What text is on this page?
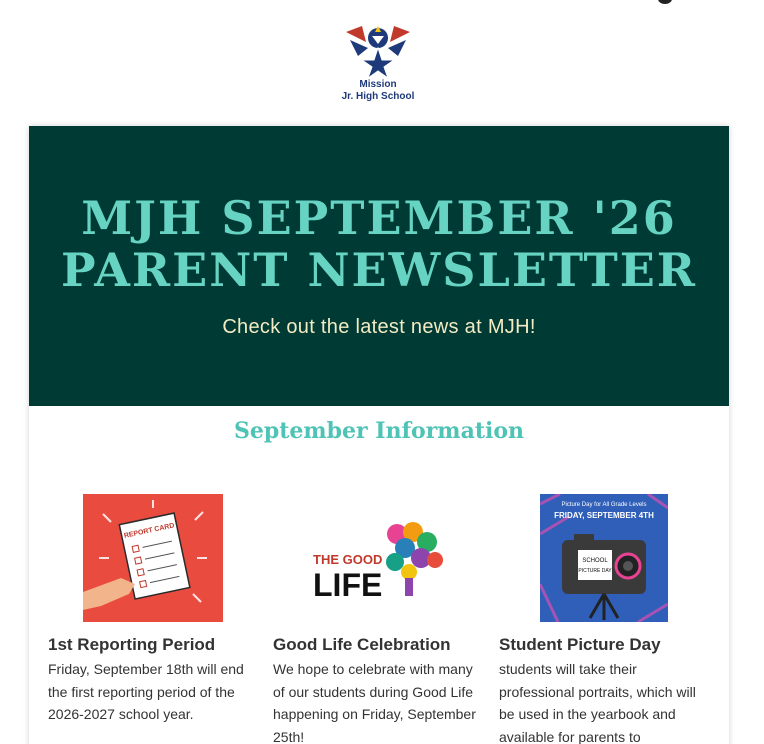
Mission
Jr. High School
MJH SEPTEMBER '26
PARENT NEWSLETTER
Check out the latest news at MJH!
September Information
REPORT CARD
1st Reporting Period
Friday, September 18th will end the first reporting period of the 2026-2027 school year.
THE GOOD
LIFE
Good Life Celebration
We hope to celebrate with many of our students during Good Life happening on Friday, September 25th!
Picture Day for All Grade Levels
FRIDAY, SEPTEMBER 4TH
SCHOOL
PICTURE DAY
Student Picture Day
students will take their professional portraits, which will be used in the yearbook and available for parents to
